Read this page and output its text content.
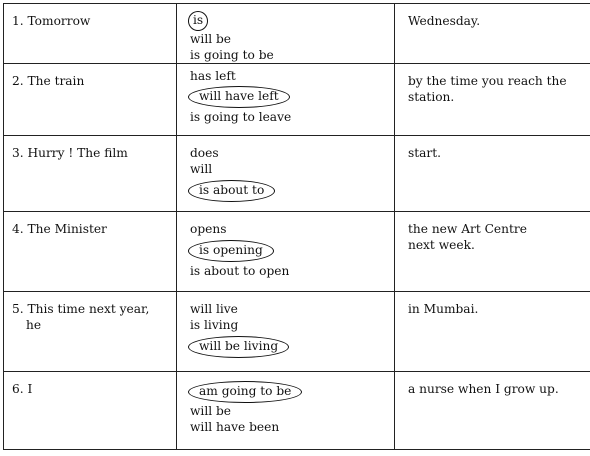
1. Tomorrow	is
will be
is going to be	Wednesday.

2. The train	has left
will have left
is going to leave	by the time you reach the
station.

3. Hurry ! The film	does
will
is about to	start.

4. The Minister	opens
is opening
is about to open	the new Art Centre
next week.

5. This time next year,
he	will live
is living
will be living	in Mumbai.

6. I	am going to be
will be
will have been	a nurse when I grow up.
